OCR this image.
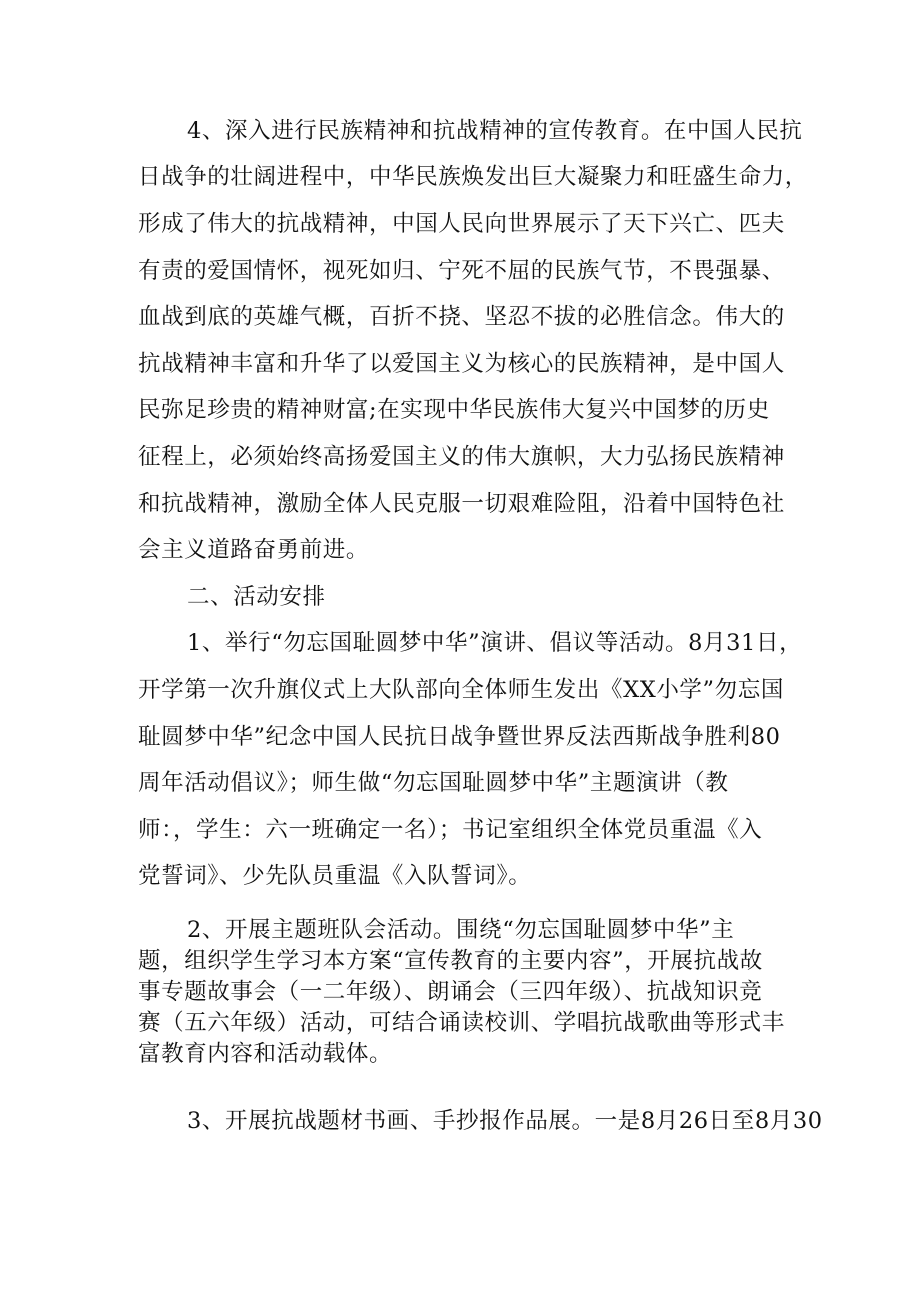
4、深入进行民族精神和抗战精神的宣传教育。在中国人民抗
日战争的壮阔进程中，中华民族焕发出巨大凝聚力和旺盛生命力，
形成了伟大的抗战精神，中国人民向世界展示了天下兴亡、匹夫
有责的爱国情怀，视死如归、宁死不屈的民族气节，不畏强暴、
血战到底的英雄气概，百折不挠、坚忍不拔的必胜信念。伟大的
抗战精神丰富和升华了以爱国主义为核心的民族精神，是中国人
民弥足珍贵的精神财富;在实现中华民族伟大复兴中国梦的历史
征程上，必须始终高扬爱国主义的伟大旗帜，大力弘扬民族精神
和抗战精神，激励全体人民克服一切艰难险阻，沿着中国特色社
会主义道路奋勇前进。
二、活动安排
1、举行“勿忘国耻圆梦中华”演讲、倡议等活动。8月31日，
开学第一次升旗仪式上大队部向全体师生发出《XX小学”勿忘国
耻圆梦中华”纪念中国人民抗日战争暨世界反法西斯战争胜利80
周年活动倡议》；师生做“勿忘国耻圆梦中华”主题演讲（教
师：，学生：六一班确定一名）；书记室组织全体党员重温《入
党誓词》、少先队员重温《入队誓词》。
2、开展主题班队会活动。围绕“勿忘国耻圆梦中华”主
题，组织学生学习本方案“宣传教育的主要内容”，开展抗战故
事专题故事会（一二年级）、朗诵会（三四年级）、抗战知识竞
赛（五六年级）活动，可结合诵读校训、学唱抗战歌曲等形式丰
富教育内容和活动载体。
3、开展抗战题材书画、手抄报作品展。一是8月26日至8月30
